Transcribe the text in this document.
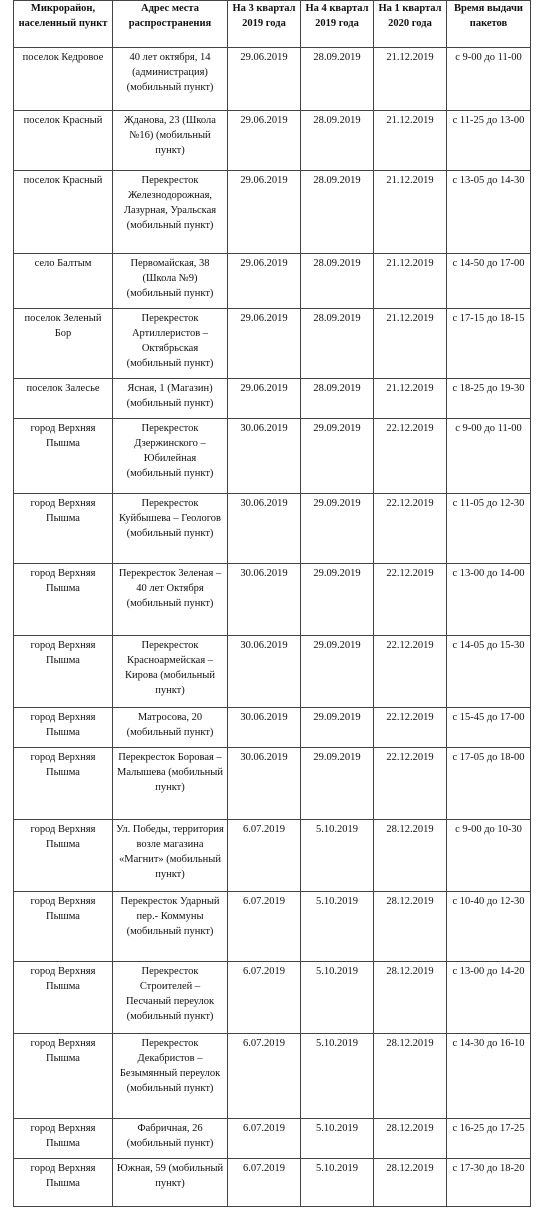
Микрорайон, населенный пункт	Адрес места распространения	На 3 квартал 2019 года	На 4 квартал 2019 года	На 1 квартал 2020 года	Время выдачи пакетов
поселок Кедровое	40 лет октября, 14 (администрация) (мобильный пункт)	29.06.2019	28.09.2019	21.12.2019	с 9-00 до 11-00
поселок Красный	Жданова, 23 (Школа №16) (мобильный пункт)	29.06.2019	28.09.2019	21.12.2019	с 11-25 до 13-00
поселок Красный	Перекресток Железнодорожная, Лазурная, Уральская (мобильный пункт)	29.06.2019	28.09.2019	21.12.2019	с 13-05 до 14-30
село Балтым	Первомайская, 38 (Школа №9) (мобильный пункт)	29.06.2019	28.09.2019	21.12.2019	с 14-50 до 17-00
поселок Зеленый Бор	Перекресток Артиллеристов – Октябрьская (мобильный пункт)	29.06.2019	28.09.2019	21.12.2019	с 17-15 до 18-15
поселок Залесье	Ясная, 1 (Магазин) (мобильный пункт)	29.06.2019	28.09.2019	21.12.2019	с 18-25 до 19-30
город Верхняя Пышма	Перекресток Дзержинского – Юбилейная (мобильный пункт)	30.06.2019	29.09.2019	22.12.2019	с 9-00 до 11-00
город Верхняя Пышма	Перекресток Куйбышева – Геологов (мобильный пункт)	30.06.2019	29.09.2019	22.12.2019	с 11-05 до 12-30
город Верхняя Пышма	Перекресток Зеленая – 40 лет Октября (мобильный пункт)	30.06.2019	29.09.2019	22.12.2019	с 13-00 до 14-00
город Верхняя Пышма	Перекресток Красноармейская – Кирова (мобильный пункт)	30.06.2019	29.09.2019	22.12.2019	с 14-05 до 15-30
город Верхняя Пышма	Матросова, 20 (мобильный пункт)	30.06.2019	29.09.2019	22.12.2019	с 15-45 до 17-00
город Верхняя Пышма	Перекресток Боровая – Малышева (мобильный пункт)	30.06.2019	29.09.2019	22.12.2019	с 17-05 до 18-00
город Верхняя Пышма	Ул. Победы, территория возле магазина «Магнит» (мобильный пункт)	6.07.2019	5.10.2019	28.12.2019	с 9-00 до 10-30
город Верхняя Пышма	Перекресток Ударный пер.- Коммуны (мобильный пункт)	6.07.2019	5.10.2019	28.12.2019	с 10-40 до 12-30
город Верхняя Пышма	Перекресток Строителей – Песчаный переулок (мобильный пункт)	6.07.2019	5.10.2019	28.12.2019	с 13-00 до 14-20
город Верхняя Пышма	Перекресток Декабристов – Безымянный переулок (мобильный пункт)	6.07.2019	5.10.2019	28.12.2019	с 14-30 до 16-10
город Верхняя Пышма	Фабричная, 26 (мобильный пункт)	6.07.2019	5.10.2019	28.12.2019	с 16-25 до 17-25
город Верхняя Пышма	Южная, 59 (мобильный пункт)	6.07.2019	5.10.2019	28.12.2019	с 17-30 до 18-20
